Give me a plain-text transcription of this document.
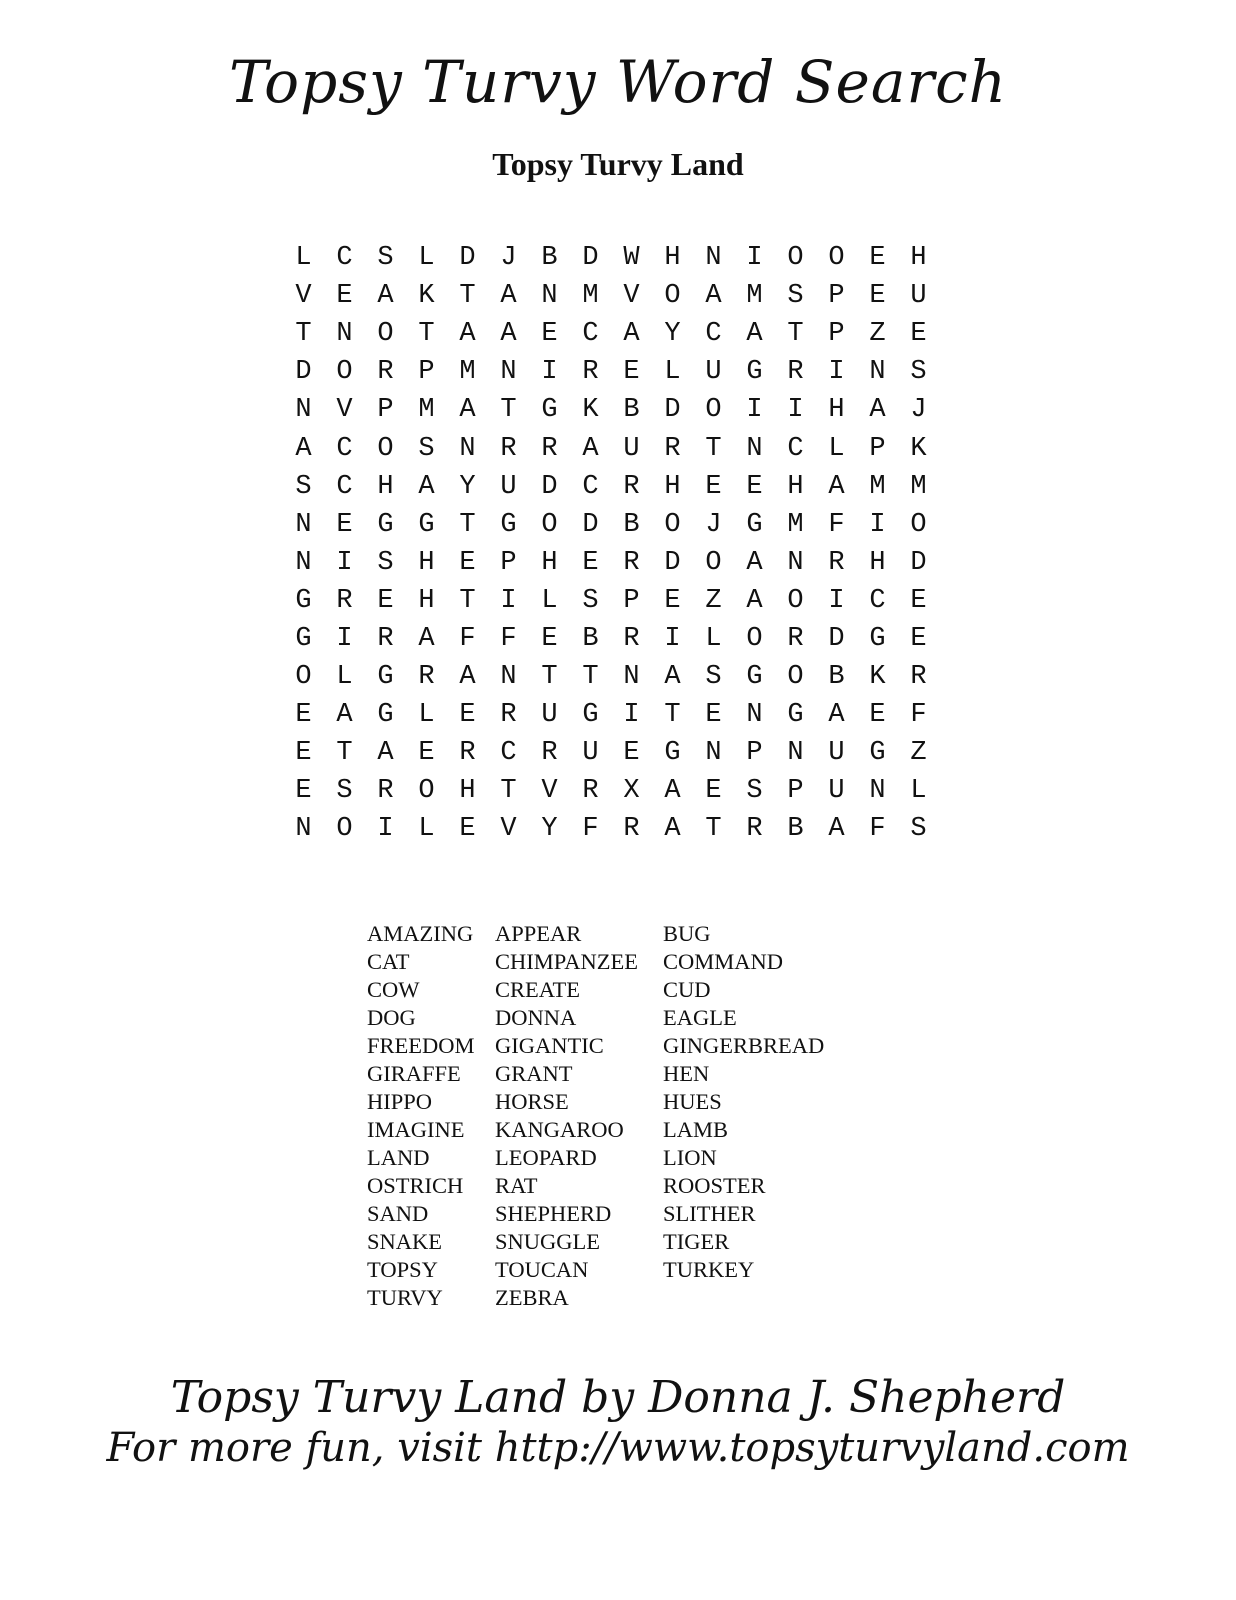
Topsy Turvy Word Search
Topsy Turvy Land
L C S L D J B D W H N I O O E H
V E A K T A N M V O A M S P E U
T N O T A A E C A Y C A T P Z E
D O R P M N I R E L U G R I N S
N V P M A T G K B D O I I H A J
A C O S N R R A U R T N C L P K
S C H A Y U D C R H E E H A M M
N E G G T G O D B O J G M F I O
N I S H E P H E R D O A N R H D
G R E H T I L S P E Z A O I C E
G I R A F F E B R I L O R D G E
O L G R A N T T N A S G O B K R
E A G L E R U G I T E N G A E F
E T A E R C R U E G N P N U G Z
E S R O H T V R X A E S P U N L
N O I L E V Y F R A T R B A F S
AMAZING APPEAR	BUG
CAT	CHIMPANZEE	COMMAND
COW	CREATE	CUD
DOG	DONNA	EAGLE
FREEDOM GIGANTIC	GINGERBREAD
GIRAFFE	GRANT	HEN
HIPPO	HORSE	HUES
IMAGINE	KANGAROO	LAMB
LAND	LEOPARD	LION
OSTRICH	RAT	ROOSTER
SAND	SHEPHERD	SLITHER
SNAKE	SNUGGLE	TIGER
TOPSY	TOUCAN	TURKEY
TURVY	ZEBRA
Topsy Turvy Land by Donna J. Shepherd
For more fun, visit http://www.topsyturvyland.com
